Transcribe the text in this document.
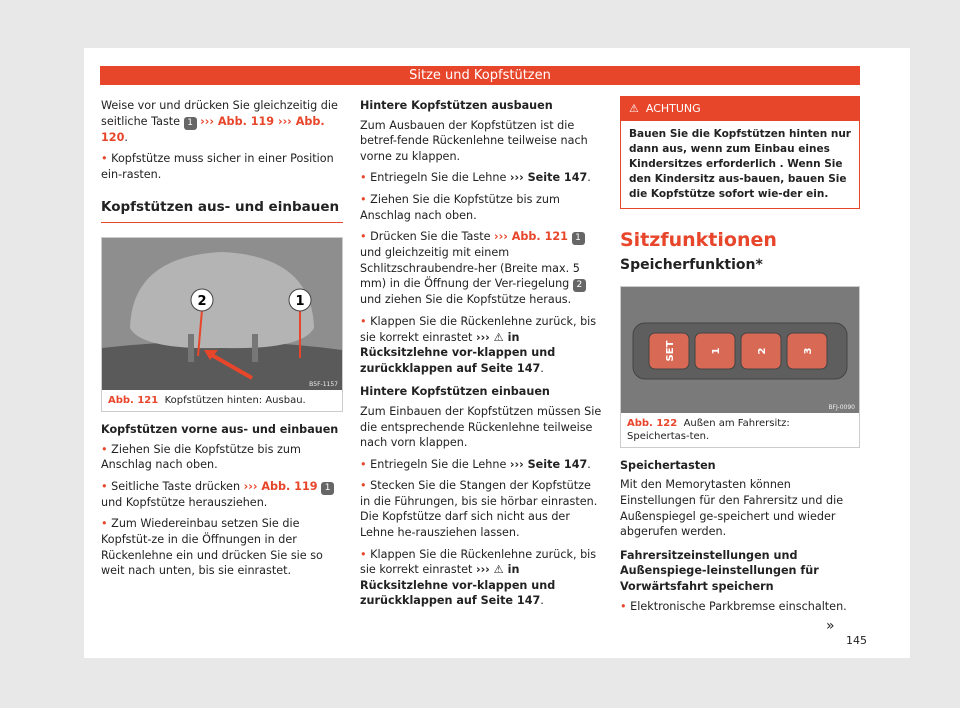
Sitze und Kopfstützen

Weise vor und drücken Sie gleichzeitig die seitliche Taste 1 ››› Abb. 119 ››› Abb. 120.

• Kopfstütze muss sicher in einer Position ein-rasten.

Kopfstützen aus- und einbauen
1
2
B5F-1157
Abb. 121 Kopfstützen hinten: Ausbau.
Kopfstützen vorne aus- und einbauen

• Ziehen Sie die Kopfstütze bis zum Anschlag nach oben.

• Seitliche Taste drücken ››› Abb. 119 1 und Kopfstütze herausziehen.

• Zum Wiedereinbau setzen Sie die Kopfstüt-ze in die Öffnungen in der Rückenlehne ein und drücken Sie sie so weit nach unten, bis sie einrastet.

Hintere Kopfstützen ausbauen

Zum Ausbauen der Kopfstützen ist die betref-fende Rückenlehne teilweise nach vorne zu klappen.

• Entriegeln Sie die Lehne ››› Seite 147.

• Ziehen Sie die Kopfstütze bis zum Anschlag nach oben.

• Drücken Sie die Taste ››› Abb. 121 1 und gleichzeitig mit einem Schlitzschraubendre-her (Breite max. 5 mm) in die Öffnung der Ver-riegelung 2 und ziehen Sie die Kopfstütze heraus.

• Klappen Sie die Rückenlehne zurück, bis sie korrekt einrastet ››› ⚠ in Rücksitzlehne vor-klappen und zurückklappen auf Seite 147.

Hintere Kopfstützen einbauen

Zum Einbauen der Kopfstützen müssen Sie die entsprechende Rückenlehne teilweise nach vorn klappen.

• Entriegeln Sie die Lehne ››› Seite 147.

• Stecken Sie die Stangen der Kopfstütze in die Führungen, bis sie hörbar einrasten. Die Kopfstütze darf sich nicht aus der Lehne he-rausziehen lassen.

• Klappen Sie die Rückenlehne zurück, bis sie korrekt einrastet ››› ⚠ in Rücksitzlehne vor-klappen und zurückklappen auf Seite 147.

⚠ ACHTUNG
Bauen Sie die Kopfstützen hinten nur dann aus, wenn zum Einbau eines Kindersitzes erforderlich . Wenn Sie den Kindersitz aus-bauen, bauen Sie die Kopfstütze sofort wie-der ein.
Sitzfunktionen
Speicherfunktion*
SET	1	2	3
BFJ-0090
Abb. 122 Außen am Fahrersitz: Speichertas-ten.
Speichertasten

Mit den Memorytasten können Einstellungen für den Fahrersitz und die Außenspiegel ge-speichert und wieder abgerufen werden.

Fahrersitzeinstellungen und Außenspiege-leinstellungen für Vorwärtsfahrt speichern

• Elektronische Parkbremse einschalten.

»
145
